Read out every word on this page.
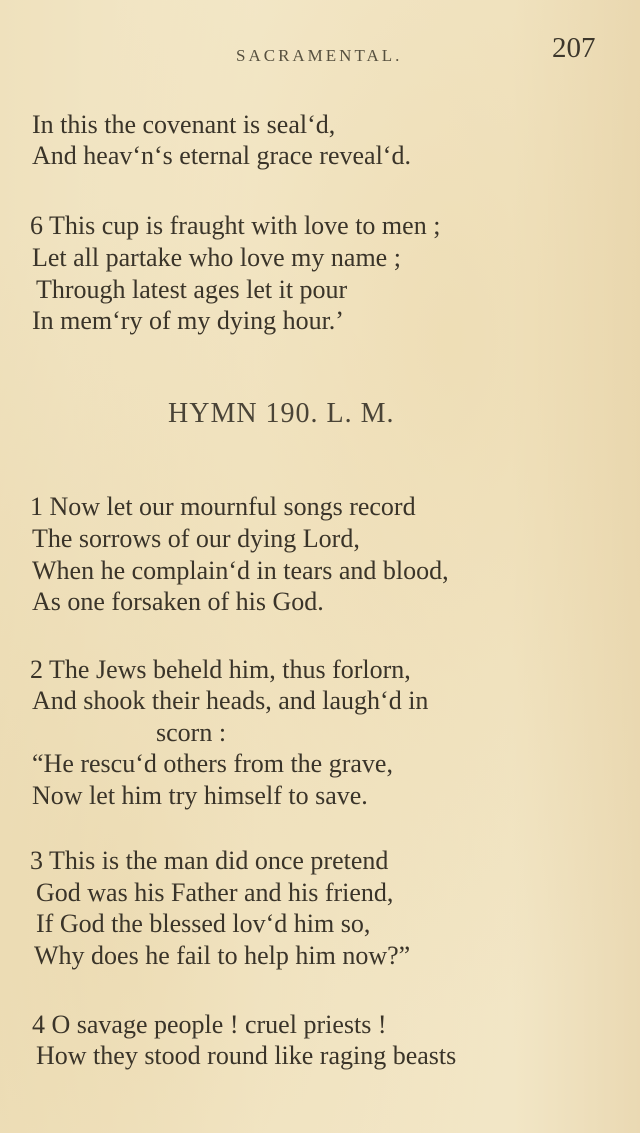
SACRAMENTAL.	207
In this the covenant is seal‘d,
And heav‘n‘s eternal grace reveal‘d.
6 This cup is fraught with love to men ;
Let all partake who love my name ;
Through latest ages let it pour
In mem‘ry of my dying hour.’
HYMN 190. L. M.
1 Now let our mournful songs record
The sorrows of our dying Lord,
When he complain‘d in tears and blood,
As one forsaken of his God.
2 The Jews beheld him, thus forlorn,
And shook their heads, and laugh‘d in
scorn :
“He rescu‘d others from the grave,
Now let him try himself to save.
3 This is the man did once pretend
God was his Father and his friend,
If God the blessed lov‘d him so,
Why does he fail to help him now?”
4 O savage people ! cruel priests !
How they stood round like raging beasts
